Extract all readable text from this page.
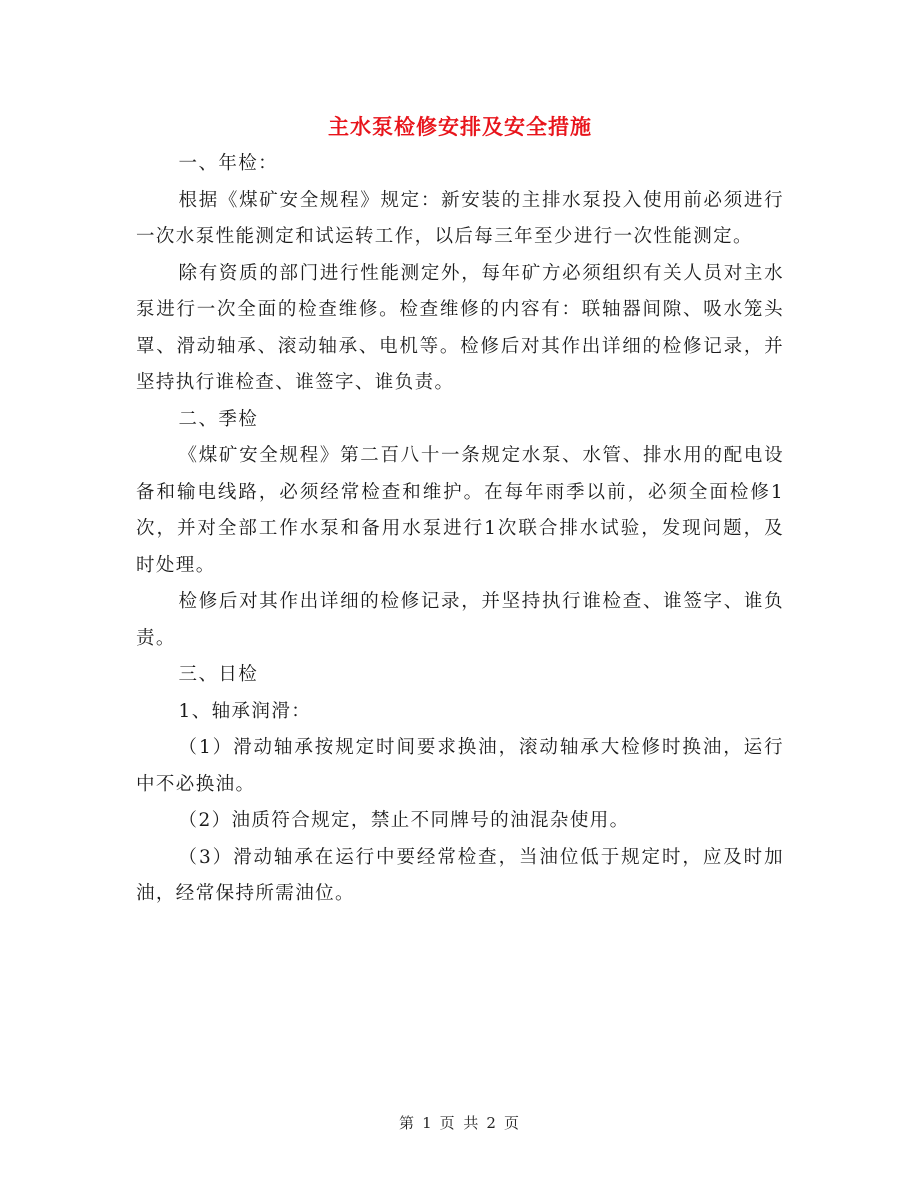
主水泵检修安排及安全措施

一、年检：

根据《煤矿安全规程》规定：新安装的主排水泵投入使用前必须进行一次水泵性能测定和试运转工作，以后每三年至少进行一次性能测定。

除有资质的部门进行性能测定外，每年矿方必须组织有关人员对主水泵进行一次全面的检查维修。检查维修的内容有：联轴器间隙、吸水笼头罩、滑动轴承、滚动轴承、电机等。检修后对其作出详细的检修记录，并坚持执行谁检查、谁签字、谁负责。

二、季检

《煤矿安全规程》第二百八十一条规定水泵、水管、排水用的配电设备和输电线路，必须经常检查和维护。在每年雨季以前，必须全面检修1次，并对全部工作水泵和备用水泵进行1次联合排水试验，发现问题，及时处理。

检修后对其作出详细的检修记录，并坚持执行谁检查、谁签字、谁负责。

三、日检

1、轴承润滑：

（1）滑动轴承按规定时间要求换油，滚动轴承大检修时换油，运行中不必换油。

（2）油质符合规定，禁止不同牌号的油混杂使用。

（3）滑动轴承在运行中要经常检查，当油位低于规定时，应及时加油，经常保持所需油位。

第 1 页 共 2 页
